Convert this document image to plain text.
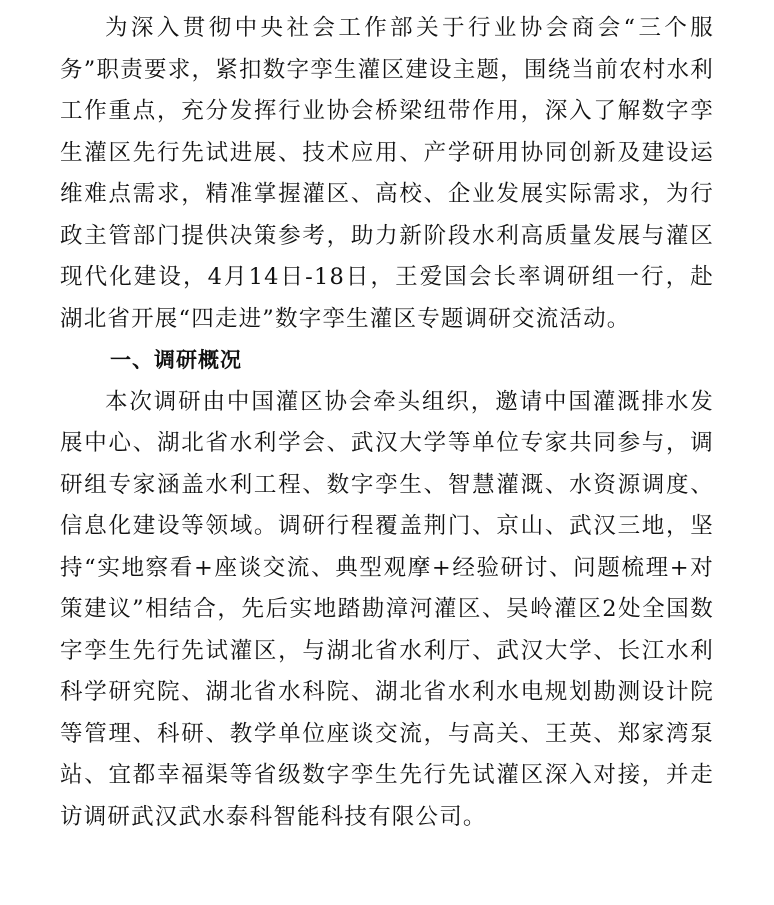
为深入贯彻中央社会工作部关于行业协会商会“三个服务”职责要求，紧扣数字孪生灌区建设主题，围绕当前农村水利工作重点，充分发挥行业协会桥梁纽带作用，深入了解数字孪生灌区先行先试进展、技术应用、产学研用协同创新及建设运维难点需求，精准掌握灌区、高校、企业发展实际需求，为行政主管部门提供决策参考，助力新阶段水利高质量发展与灌区现代化建设，4月14日-18日，王爱国会长率调研组一行，赴湖北省开展“四走进”数字孪生灌区专题调研交流活动。

一、调研概况

本次调研由中国灌区协会牵头组织，邀请中国灌溉排水发展中心、湖北省水利学会、武汉大学等单位专家共同参与，调研组专家涵盖水利工程、数字孪生、智慧灌溉、水资源调度、信息化建设等领域。调研行程覆盖荆门、京山、武汉三地，坚持“实地察看+座谈交流、典型观摩+经验研讨、问题梳理+对策建议”相结合，先后实地踏勘漳河灌区、吴岭灌区2处全国数字孪生先行先试灌区，与湖北省水利厅、武汉大学、长江水利科学研究院、湖北省水科院、湖北省水利水电规划勘测设计院等管理、科研、教学单位座谈交流，与高关、王英、郑家湾泵站、宜都幸福渠等省级数字孪生先行先试灌区深入对接，并走访调研武汉武水泰科智能科技有限公司。
